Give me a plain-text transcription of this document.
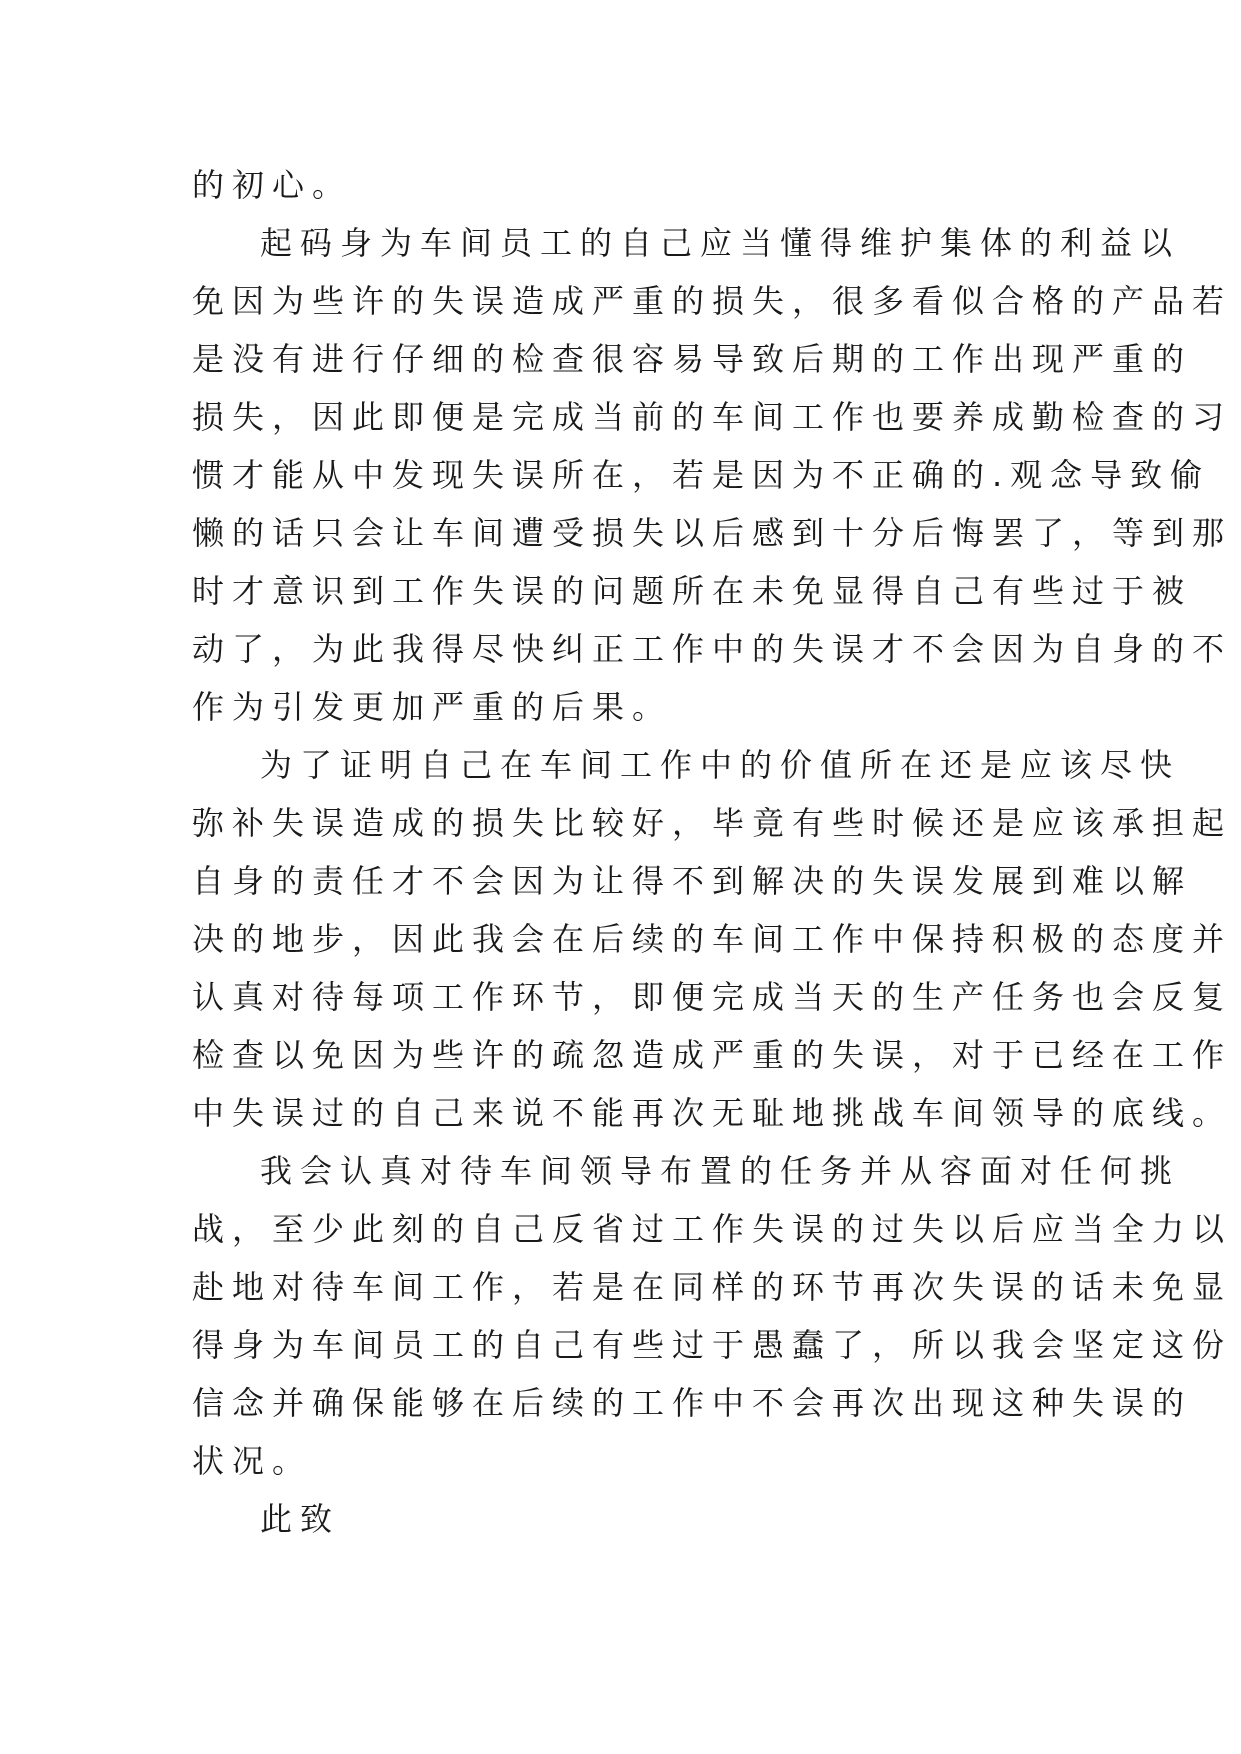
的初心。
起码身为车间员工的自己应当懂得维护集体的利益以
免因为些许的失误造成严重的损失，很多看似合格的产品若
是没有进行仔细的检查很容易导致后期的工作出现严重的
损失，因此即便是完成当前的车间工作也要养成勤检查的习
惯才能从中发现失误所在，若是因为不正确的.观念导致偷
懒的话只会让车间遭受损失以后感到十分后悔罢了，等到那
时才意识到工作失误的问题所在未免显得自己有些过于被
动了，为此我得尽快纠正工作中的失误才不会因为自身的不
作为引发更加严重的后果。
为了证明自己在车间工作中的价值所在还是应该尽快
弥补失误造成的损失比较好，毕竟有些时候还是应该承担起
自身的责任才不会因为让得不到解决的失误发展到难以解
决的地步，因此我会在后续的车间工作中保持积极的态度并
认真对待每项工作环节，即便完成当天的生产任务也会反复
检查以免因为些许的疏忽造成严重的失误，对于已经在工作
中失误过的自己来说不能再次无耻地挑战车间领导的底线。
我会认真对待车间领导布置的任务并从容面对任何挑
战，至少此刻的自己反省过工作失误的过失以后应当全力以
赴地对待车间工作，若是在同样的环节再次失误的话未免显
得身为车间员工的自己有些过于愚蠢了，所以我会坚定这份
信念并确保能够在后续的工作中不会再次出现这种失误的
状况。
此致
